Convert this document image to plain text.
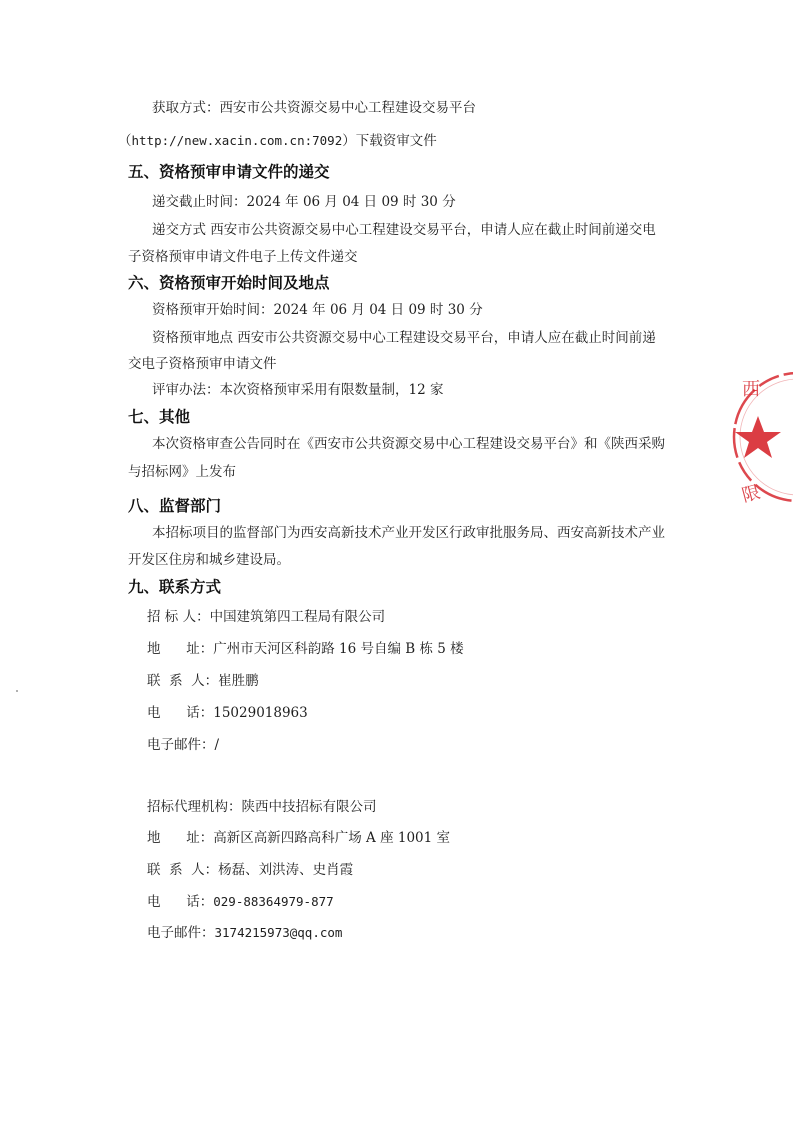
获取方式：西安市公共资源交易中心工程建设交易平台
（http://new.xacin.com.cn:7092）下载资审文件
五、资格预审申请文件的递交
递交截止时间：2024 年 06 月 04 日 09 时 30 分
递交方式 西安市公共资源交易中心工程建设交易平台，申请人应在截止时间前递交电
子资格预审申请文件电子上传文件递交
六、资格预审开始时间及地点
资格预审开始时间：2024 年 06 月 04 日 09 时 30 分
资格预审地点 西安市公共资源交易中心工程建设交易平台，申请人应在截止时间前递
交电子资格预审申请文件
评审办法：本次资格预审采用有限数量制，12 家
七、其他
本次资格审查公告同时在《西安市公共资源交易中心工程建设交易平台》和《陕西采购
与招标网》上发布
八、监督部门
本招标项目的监督部门为西安高新技术产业开发区行政审批服务局、西安高新技术产业
开发区住房和城乡建设局。
九、联系方式
招 标 人：中国建筑第四工程局有限公司
地      址：广州市天河区科韵路 16 号自编 B 栋 5 楼
联  系  人：崔胜鹏
电      话：15029018963
电子邮件：/
招标代理机构：陕西中技招标有限公司
地      址：高新区高新四路高科广场 A 座 1001 室
联  系  人：杨磊、刘洪涛、史肖霞
电      话：029-88364979-877
电子邮件：3174215973@qq.com
西
限
